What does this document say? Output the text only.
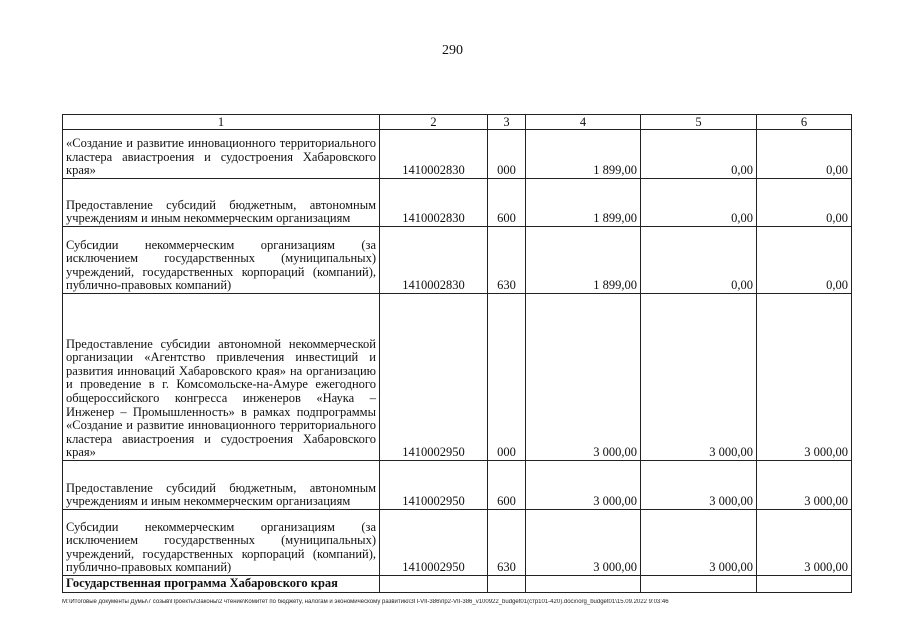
290
1	2	3	4	5	6
«Создание и развитие инновационного территориального кластера авиастроения и судостроения Хабаровского края»	1410002830	000	1 899,00	0,00	0,00
Предоставление субсидий бюджетным, автономным учреждениям и иным некоммерческим организациям	1410002830	600	1 899,00	0,00	0,00
Субсидии некоммерческим организациям (за исключением государственных (муниципальных) учреждений, государственных корпораций (компаний), публично-правовых компаний)	1410002830	630	1 899,00	0,00	0,00
Предоставление субсидии автономной некоммерческой организации «Агентство привлечения инвестиций и развития инноваций Хабаровского края» на организацию и проведение в г. Комсомольске-на-Амуре ежегодного общероссийского конгресса инженеров «Наука – Инженер – Промышленность» в рамках подпрограммы «Создание и развитие инновационного территориального кластера авиастроения и судостроения Хабаровского края»	1410002950	000	3 000,00	3 000,00	3 000,00
Предоставление субсидий бюджетным, автономным учреждениям и иным некоммерческим организациям	1410002950	600	3 000,00	3 000,00	3 000,00
Субсидии некоммерческим организациям (за исключением государственных (муниципальных) учреждений, государственных корпораций (компаний), публично-правовых компаний)	1410002950	630	3 000,00	3 000,00	3 000,00
Государственная программа Хабаровского края					
M:\Итоговые документы Думы\7 созыв\Проекты\Законы\2 чтение\Комитет по бюджету, налогам и экономическому развитию\ЗП-VII-386\пр2-VII-386_v100922_budget01(стр101-420).docx\org_budget01\15.09.2022 9:03:46
